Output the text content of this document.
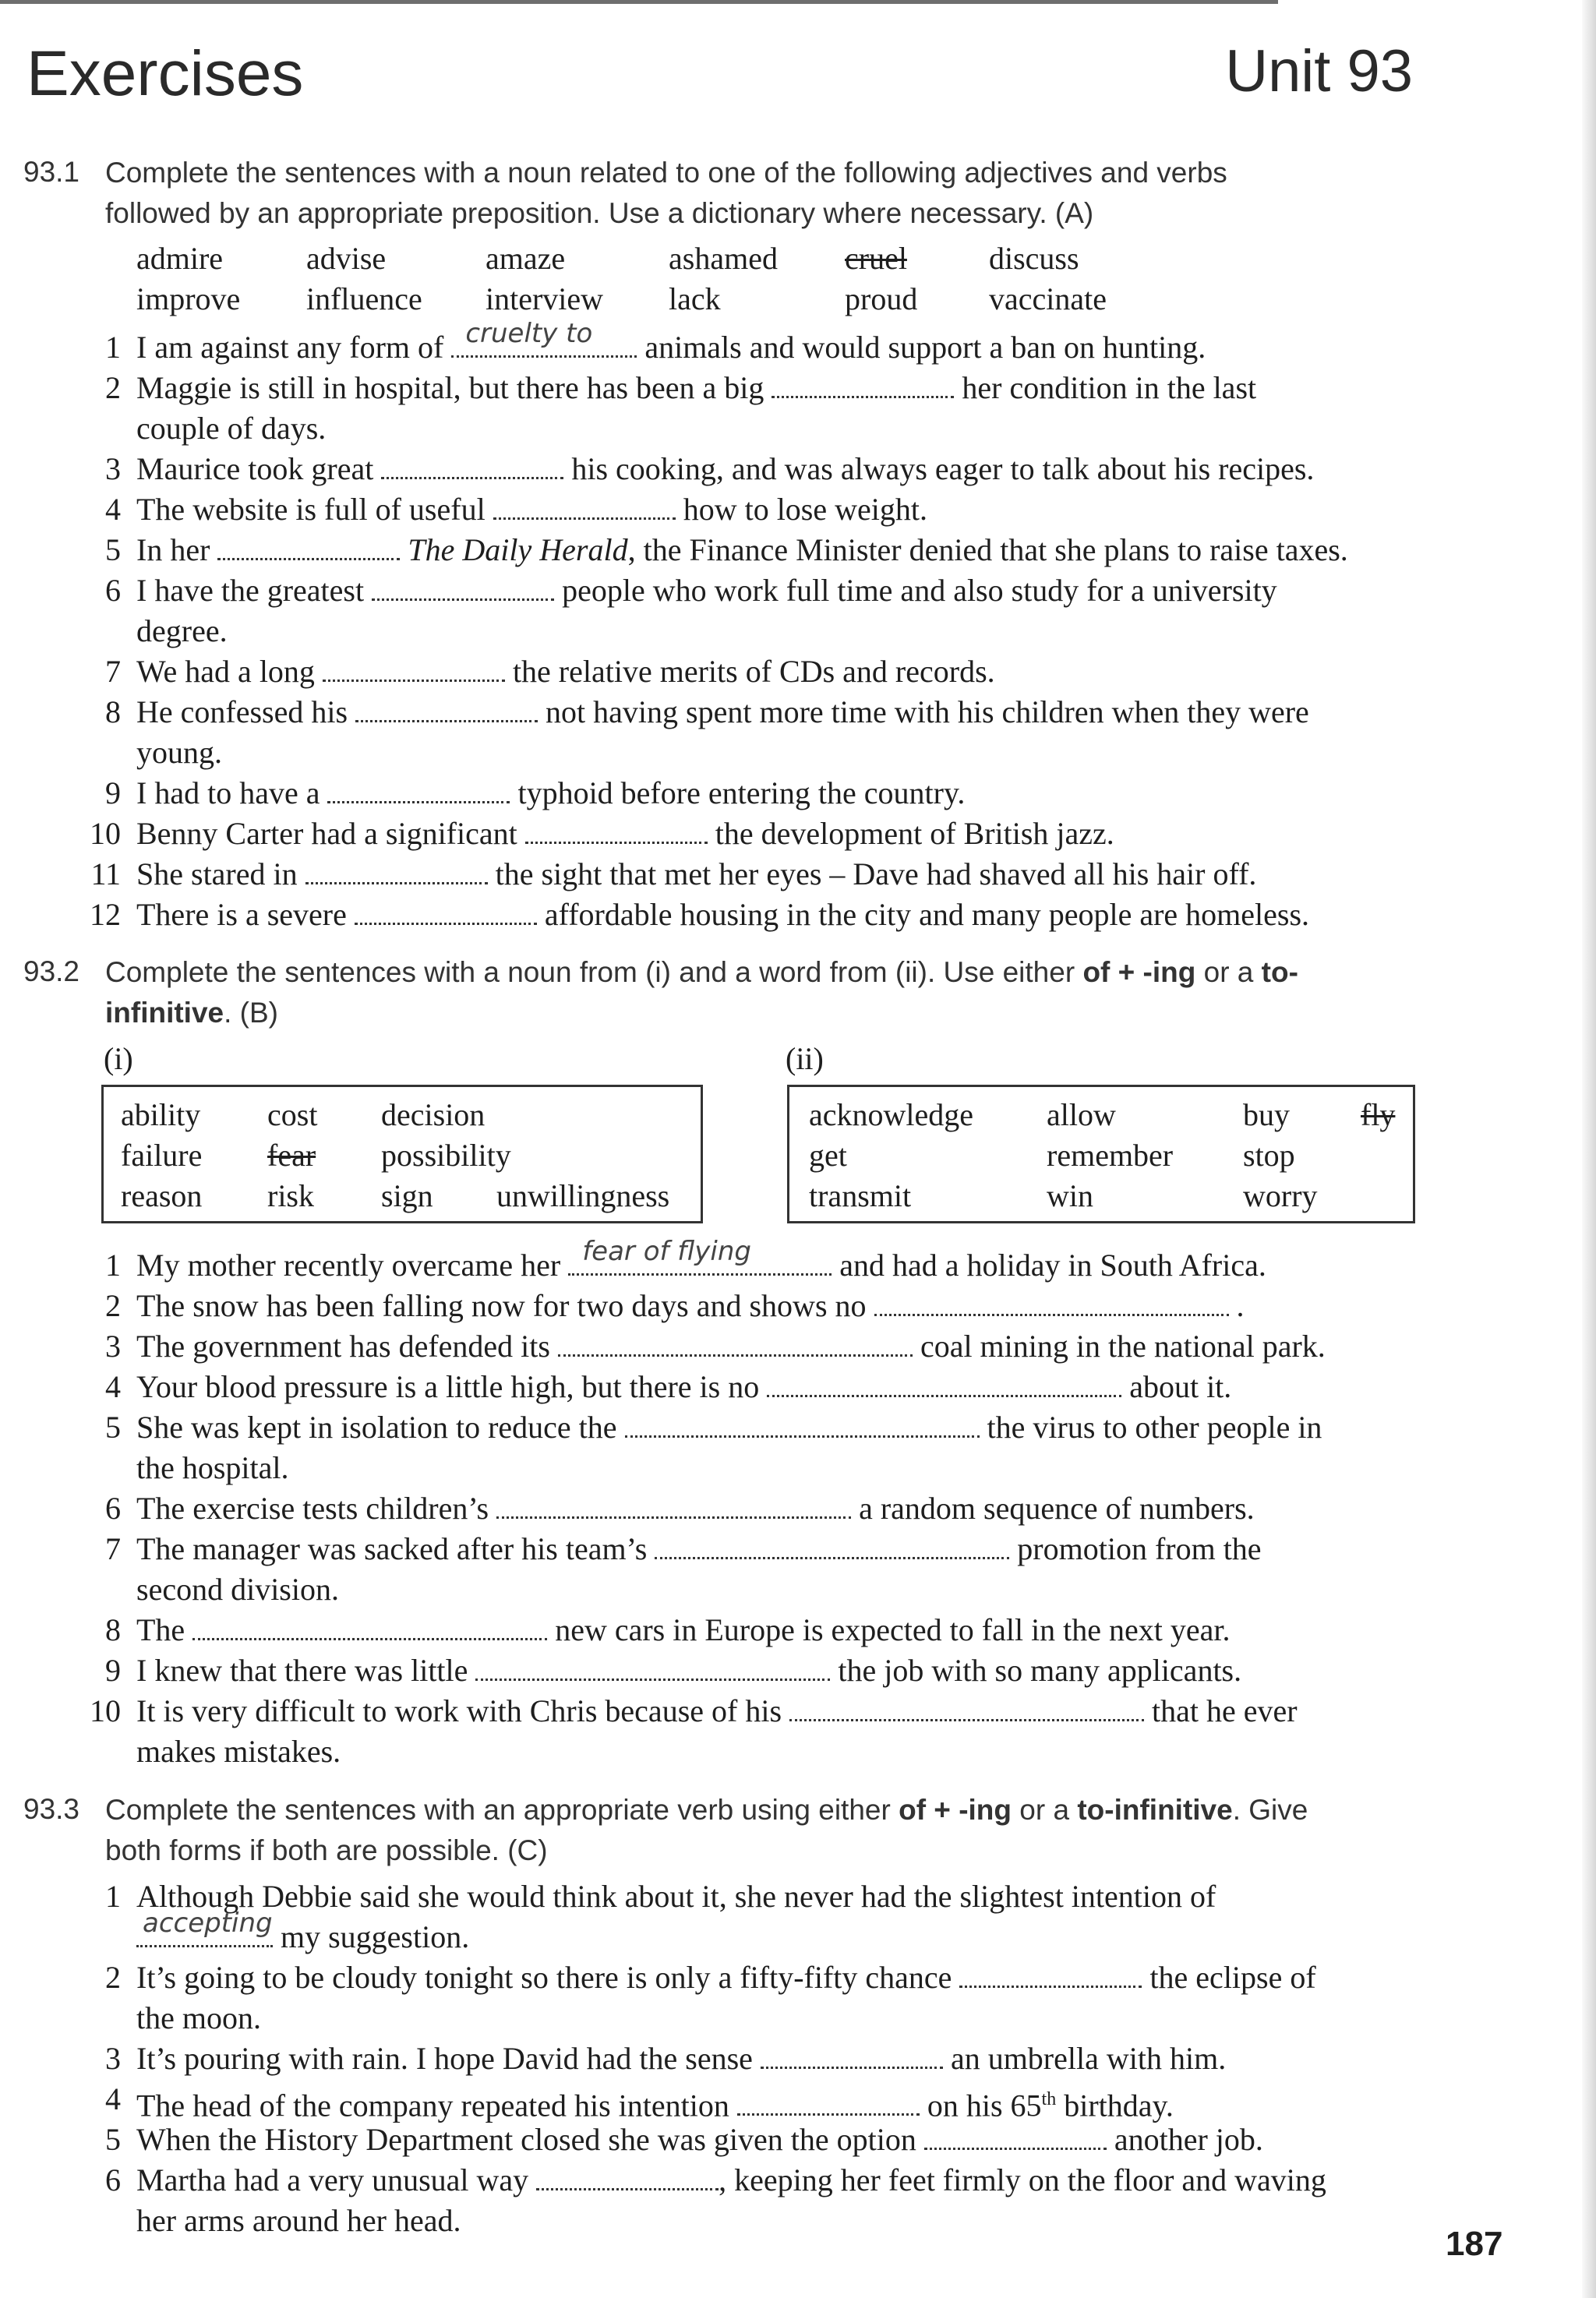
Exercises	Unit 93
93.1 Complete the sentences with a noun related to one of the following adjectives and verbs
followed by an appropriate preposition. Use a dictionary where necessary. (A)
admire	advise	amaze	ashamed cruel	discuss
improve influence interview lack	proud vaccinate
1 I am against any form of cruelty to animals and would support a ban on hunting.
2 Maggie is still in hospital, but there has been a big	her condition in the last
couple of days.
3 Maurice took great	his cooking, and was always eager to talk about his recipes.
4 The website is full of useful	how to lose weight.
5 In her	The Daily Herald, the Finance Minister denied that she plans to raise taxes.
6 I have the greatest	people who work full time and also study for a university
degree.
7 We had a long	the relative merits of CDs and records.
8 He confessed his	not having spent more time with his children when they were
young.
9 I had to have a	typhoid before entering the country.
10 Benny Carter had a significant	the development of British jazz.
11 She stared in	the sight that met her eyes – Dave had shaved all his hair off.
12 There is a severe	affordable housing in the city and many people are homeless.
93.2 Complete the sentences with a noun from (i) and a word from (ii). Use either of + -ing or a to-
infinitive. (B)
(i)	(ii)
ability cost decision
failure fear possibility
reason risk sign unwillingness
acknowledge allow	buy fly
get	remember stop
transmit	win	worry
1 My mother recently overcame her fear of flying	and had a holiday in South Africa.
2 The snow has been falling now for two days and shows no	.
3 The government has defended its	coal mining in the national park.
4 Your blood pressure is a little high, but there is no	about it.
5 She was kept in isolation to reduce the	the virus to other people in
the hospital.
6 The exercise tests children’s	a random sequence of numbers.
7 The manager was sacked after his team’s	promotion from the
second division.
8 The	new cars in Europe is expected to fall in the next year.
9 I knew that there was little	the job with so many applicants.
10 It is very difficult to work with Chris because of his	that he ever
makes mistakes.
93.3 Complete the sentences with an appropriate verb using either of + -ing or a to-infinitive. Give
both forms if both are possible. (C)
1 Although Debbie said she would think about it, she never had the slightest intention of
accepting my suggestion.
2 It’s going to be cloudy tonight so there is only a fifty-fifty chance	the eclipse of
the moon.
3 It’s pouring with rain. I hope David had the sense	an umbrella with him.
4 The head of the company repeated his intention	on his 65th birthday.
5 When the History Department closed she was given the option	another job.
6 Martha had a very unusual way	, keeping her feet firmly on the floor and waving
her arms around her head.
187
